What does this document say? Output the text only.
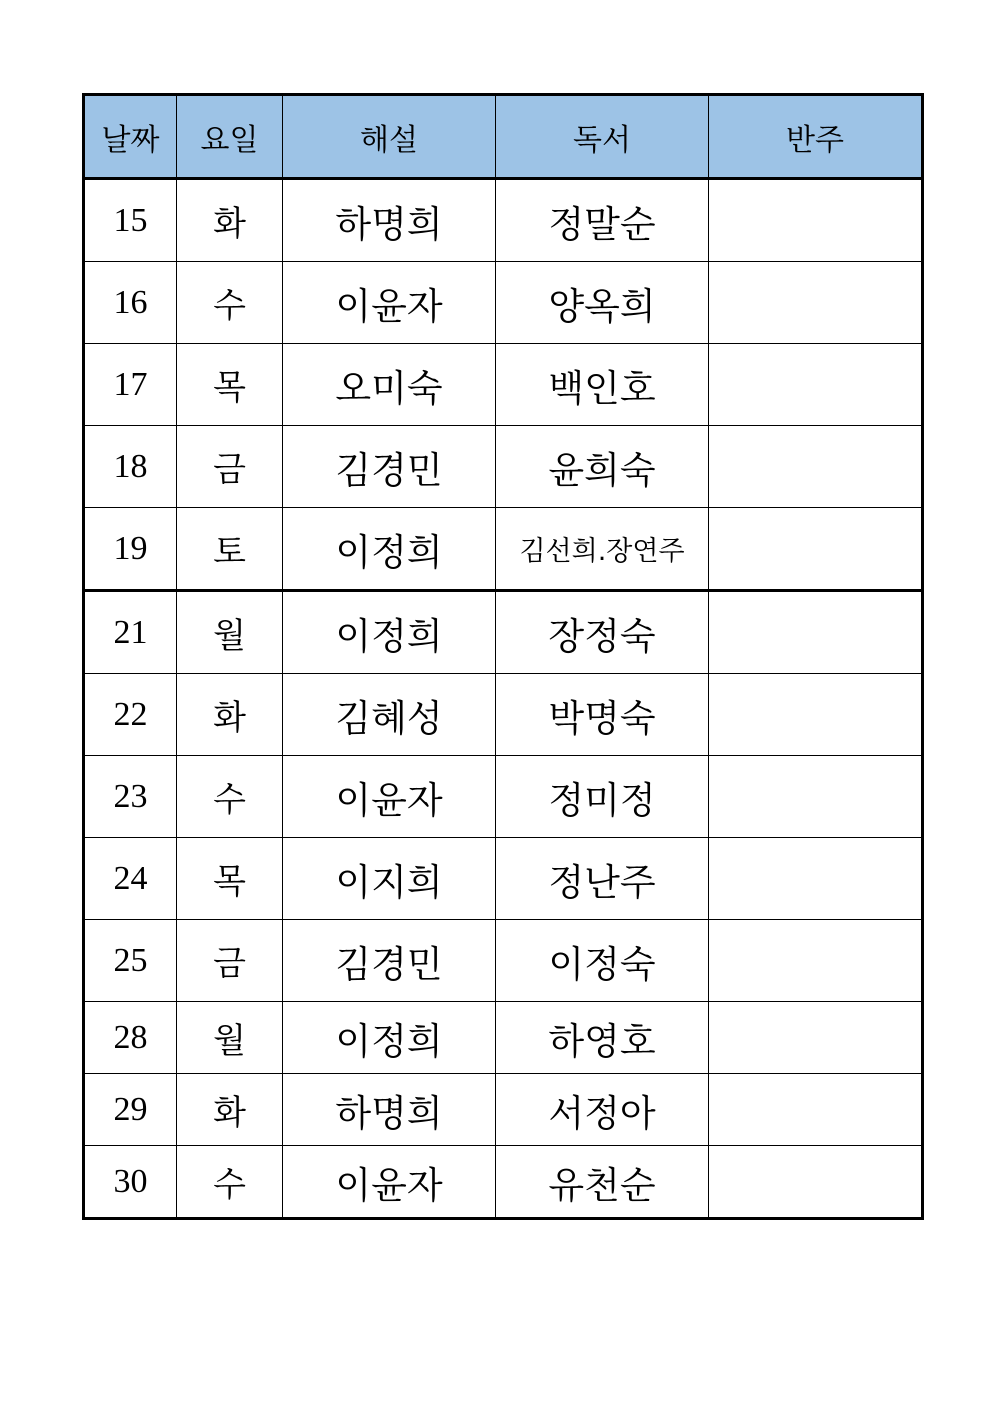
날짜	요일	해설	독서	반주
15	화	하명희	정말순	
16	수	이윤자	양옥희	
17	목	오미숙	백인호	
18	금	김경민	윤희숙	
19	토	이정희	김선희.장연주	
21	월	이정희	장정숙	
22	화	김혜성	박명숙	
23	수	이윤자	정미정	
24	목	이지희	정난주	
25	금	김경민	이정숙	
28	월	이정희	하영호	
29	화	하명희	서정아	
30	수	이윤자	유천순	
